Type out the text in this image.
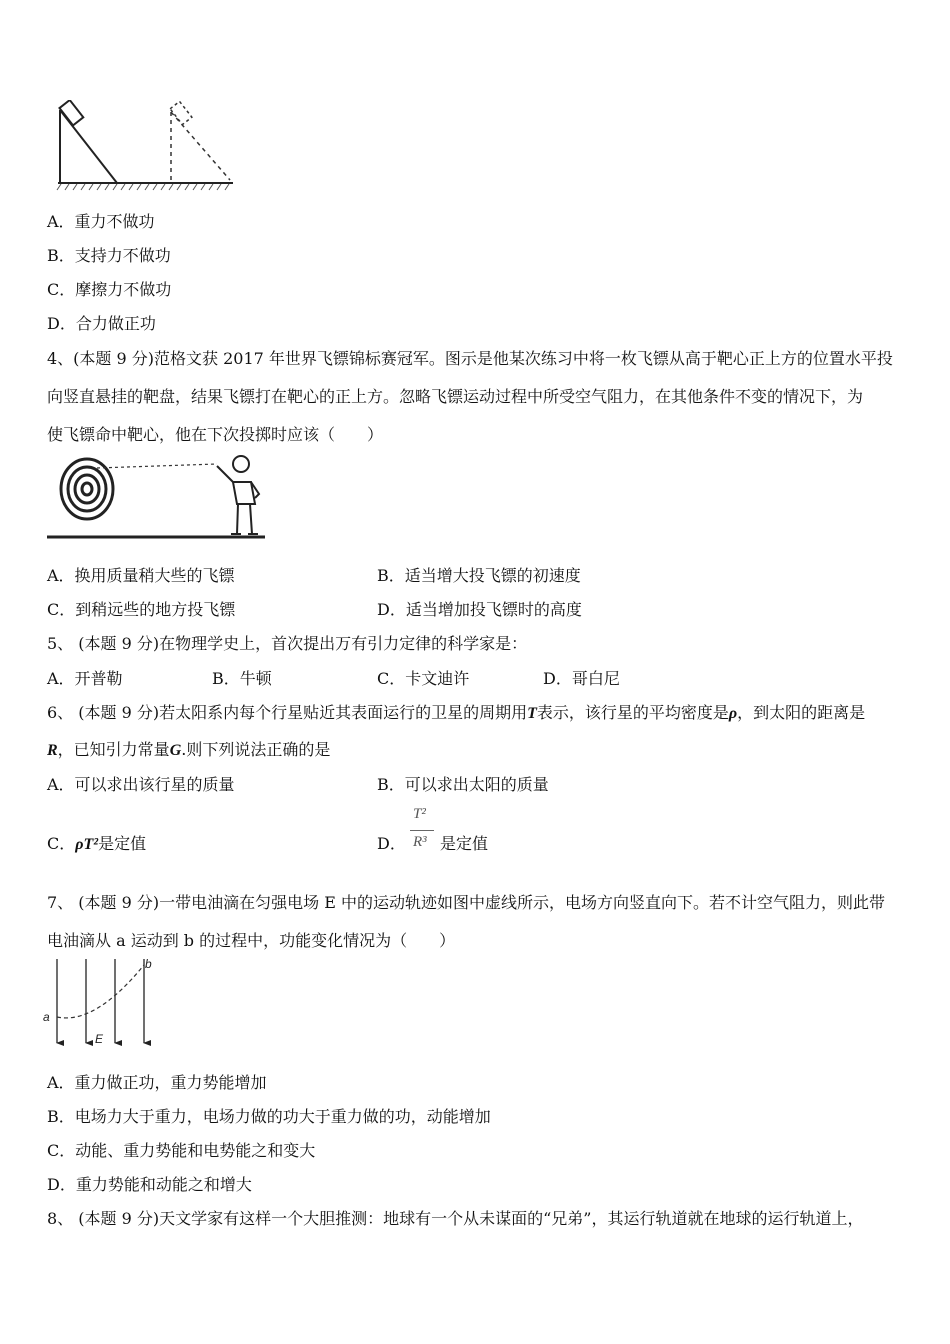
A．重力不做功
B．支持力不做功
C．摩擦力不做功
D．合力做正功
4、(本题 9 分)范格文获 2017 年世界飞镖锦标赛冠军。图示是他某次练习中将一枚飞镖从高于靶心正上方的位置水平投
向竖直悬挂的靶盘，结果飞镖打在靶心的正上方。忽略飞镖运动过程中所受空气阻力，在其他条件不变的情况下，为
使飞镖命中靶心，他在下次投掷时应该（　　）
A．换用质量稍大些的飞镖	B．适当增大投飞镖的初速度
C．到稍远些的地方投飞镖	D．适当增加投飞镖时的高度
5、 (本题 9 分)在物理学史上，首次提出万有引力定律的科学家是：
A．开普勒	B．牛顿	C．卡文迪许	D．哥白尼
6、 (本题 9 分)若太阳系内每个行星贴近其表面运行的卫星的周期用T表示，该行星的平均密度是ρ，到太阳的距离是
R，已知引力常量G.则下列说法正确的是
A．可以求出该行星的质量	B．可以求出太阳的质量
C．ρT²是定值	D．
T²
R³ 是定值
7、 (本题 9 分)一带电油滴在匀强电场 E 中的运动轨迹如图中虚线所示，电场方向竖直向下。若不计空气阻力，则此带
电油滴从 a 运动到 b 的过程中，功能变化情况为（　　）
a
b
E
A．重力做正功，重力势能增加
B．电场力大于重力，电场力做的功大于重力做的功，动能增加
C．动能、重力势能和电势能之和变大
D．重力势能和动能之和增大
8、 (本题 9 分)天文学家有这样一个大胆推测：地球有一个从未谋面的“兄弟”，其运行轨道就在地球的运行轨道上，
